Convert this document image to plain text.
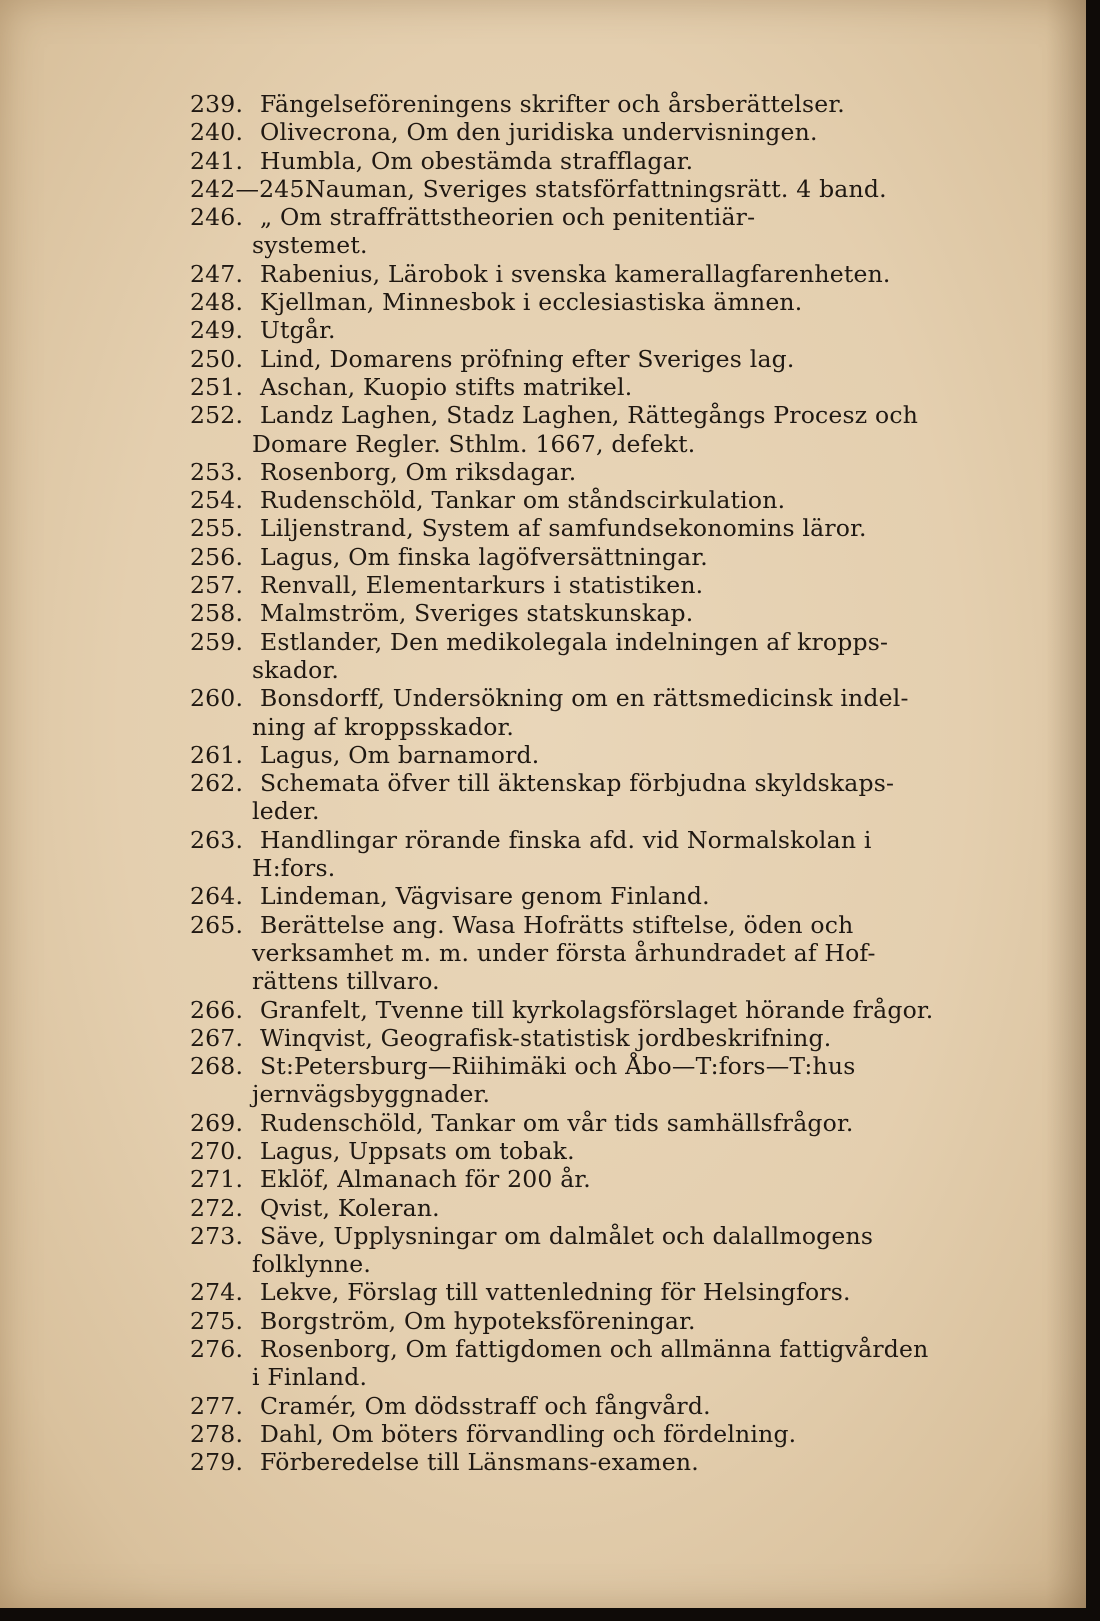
239. Fängelseföreningens skrifter och årsberättelser.
240. Olivecrona, Om den juridiska undervisningen.
241. Humbla, Om obestämda strafflagar.
242—245.
Nauman, Sveriges statsförfattningsrätt. 4 band.
246. „ Om straffrättstheorien och penitentiär-
systemet.
247. Rabenius, Lärobok i svenska kamerallagfarenheten.
248. Kjellman, Minnesbok i ecclesiastiska ämnen.
249. Utgår.
250. Lind, Domarens pröfning efter Sveriges lag.
251. Aschan, Kuopio stifts matrikel.
252. Landz Laghen, Stadz Laghen, Rättegångs Procesz och
Domare Regler. Sthlm. 1667, defekt.
253. Rosenborg, Om riksdagar.
254. Rudenschöld, Tankar om ståndscirkulation.
255. Liljenstrand, System af samfundsekonomins läror.
256. Lagus, Om finska lagöfversättningar.
257. Renvall, Elementarkurs i statistiken.
258. Malmström, Sveriges statskunskap.
259. Estlander, Den medikolegala indelningen af kropps-
skador.
260. Bonsdorff, Undersökning om en rättsmedicinsk indel-
ning af kroppsskador.
261. Lagus, Om barnamord.
262. Schemata öfver till äktenskap förbjudna skyldskaps-
leder.
263. Handlingar rörande finska afd. vid Normalskolan i
H:fors.
264. Lindeman, Vägvisare genom Finland.
265. Berättelse ang. Wasa Hofrätts stiftelse, öden och
verksamhet m. m. under första århundradet af Hof-
rättens tillvaro.
266. Granfelt, Tvenne till kyrkolagsförslaget hörande frågor.
267. Winqvist, Geografisk-statistisk jordbeskrifning.
268. St:Petersburg—Riihimäki och Åbo—T:fors—T:hus
jernvägsbyggnader.
269. Rudenschöld, Tankar om vår tids samhällsfrågor.
270. Lagus, Uppsats om tobak.
271. Eklöf, Almanach för 200 år.
272. Qvist, Koleran.
273. Säve, Upplysningar om dalmålet och dalallmogens
folklynne.
274. Lekve, Förslag till vattenledning för Helsingfors.
275. Borgström, Om hypoteksföreningar.
276. Rosenborg, Om fattigdomen och allmänna fattigvården
i Finland.
277. Cramér, Om dödsstraff och fångvård.
278. Dahl, Om böters förvandling och fördelning.
279. Förberedelse till Länsmans-examen.
